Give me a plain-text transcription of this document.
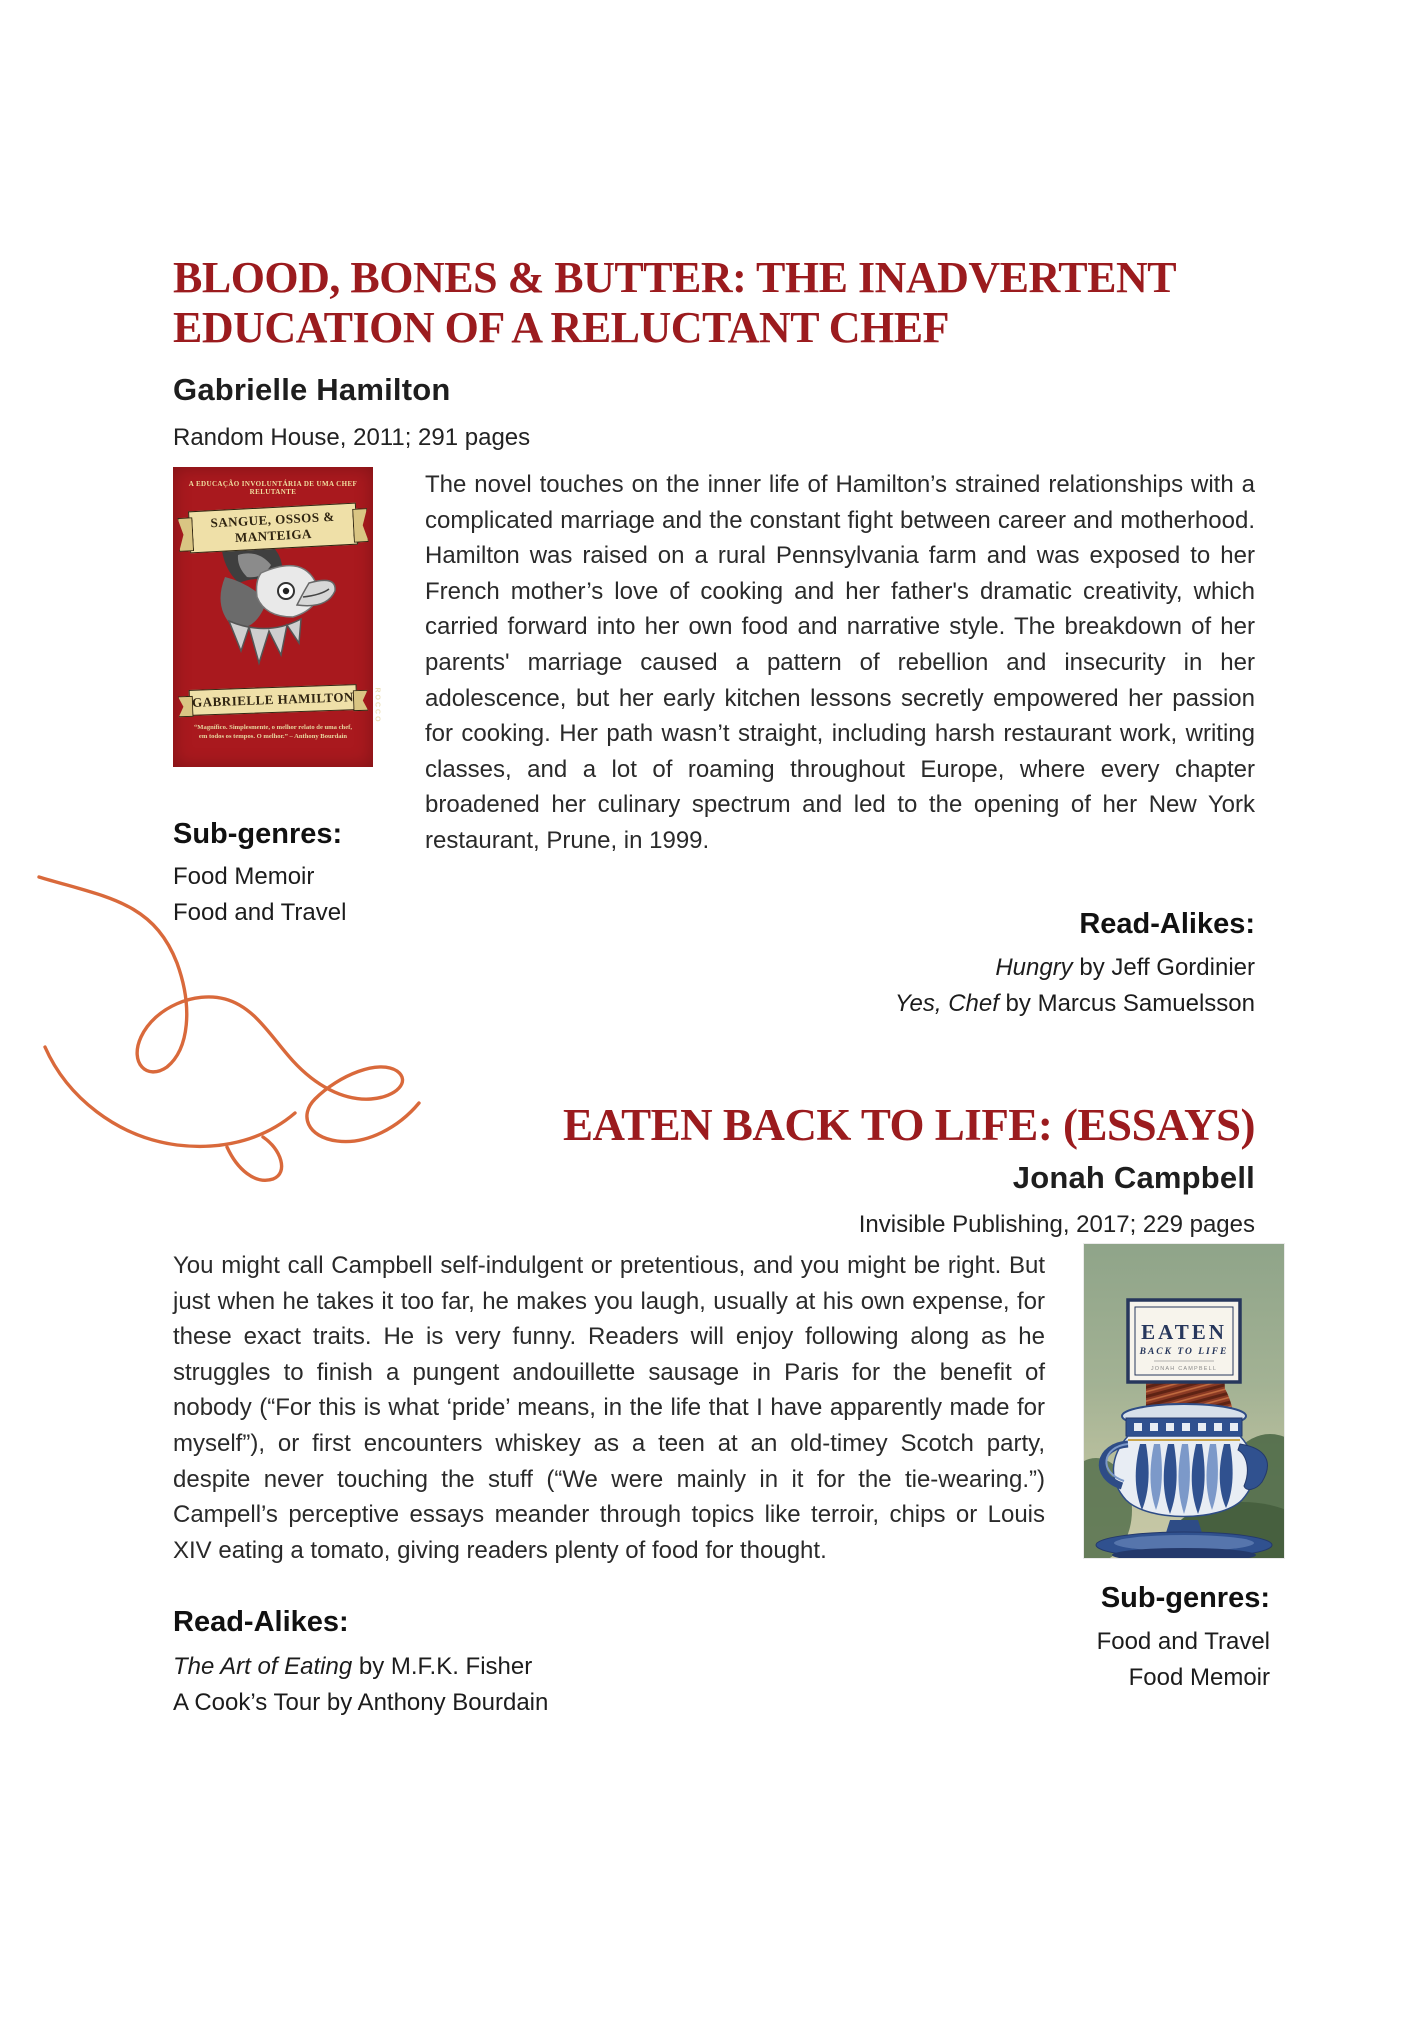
BLOOD, BONES & BUTTER: THE INADVERTENT
EDUCATION OF A RELUCTANT CHEF
Gabrielle Hamilton
Random House, 2011; 291 pages
A EDUCAÇÃO INVOLUNTÁRIA DE UMA CHEF RELUTANTE
SANGUE, OSSOS & MANTEIGA
GABRIELLE HAMILTON
“Magnífico. Simplesmente, o melhor relato de uma chef,
em todos os tempos. O melhor.” – Anthony Bourdain
ROCCO
The novel touches on the inner life of Hamilton’s strained relationships with a complicated marriage and the constant fight between career and motherhood. Hamilton was raised on a rural Pennsylvania farm and was exposed to her French mother’s love of cooking and her father's dramatic creativity, which carried forward into her own food and narrative style. The breakdown of her parents' marriage caused a pattern of rebellion and insecurity in her adolescence, but her early kitchen lessons secretly empowered her passion for cooking. Her path wasn’t straight, including harsh restaurant work, writing classes, and a lot of roaming throughout Europe, where every chapter broadened her culinary spectrum and led to the opening of her New York restaurant, Prune, in 1999.
Sub-genres:
Food Memoir
Food and Travel	Read-Alikes:
Hungry by Jeff Gordinier
Yes, Chef by Marcus Samuelsson
EATEN BACK TO LIFE: (ESSAYS)
Jonah Campbell
Invisible Publishing, 2017; 229 pages
You might call Campbell self-indulgent or pretentious, and you might be right. But just when he takes it too far, he makes you laugh, usually at his own expense, for these exact traits. He is very funny. Readers will enjoy following along as he struggles to finish a pungent andouillette sausage in Paris for the benefit of nobody (“For this is what ‘pride’ means, in the life that I have apparently made for myself”), or first encounters whiskey as a teen at an old-timey Scotch party, despite never touching the stuff (“We were mainly in it for the tie-wearing.”) Campell’s perceptive essays meander through topics like terroir, chips or Louis XIV eating a tomato, giving readers plenty of food for thought.
EATEN
BACK TO LIFE
JONAH CAMPBELL
Sub-genres:
Food and Travel
Food Memoir
Read-Alikes:
The Art of Eating by M.F.K. Fisher
A Cook’s Tour by Anthony Bourdain
